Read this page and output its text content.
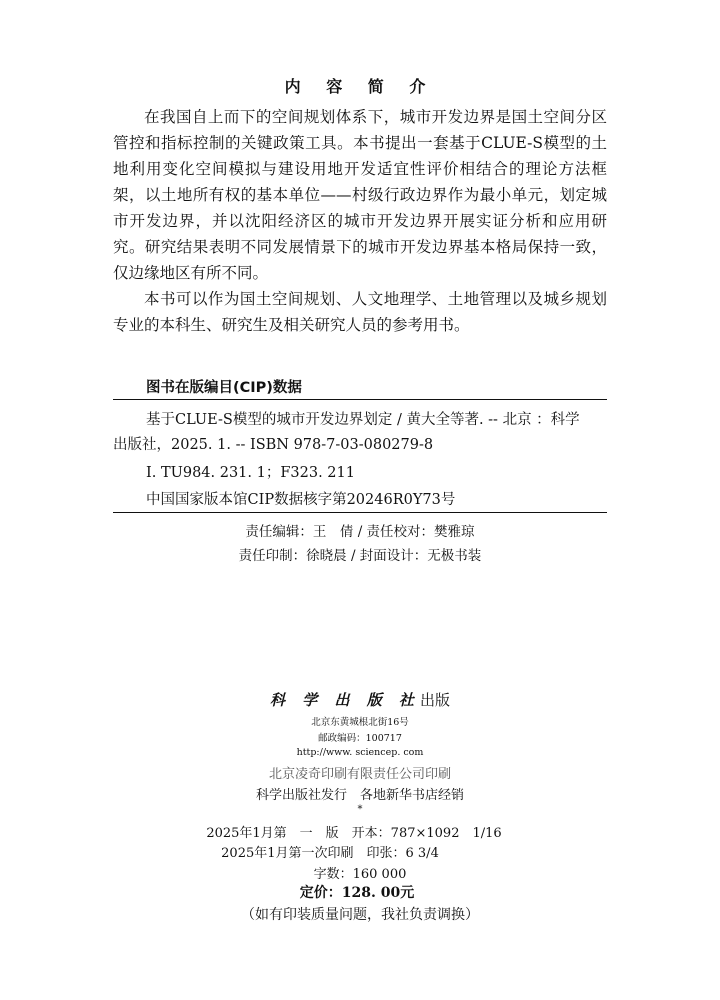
内 容 简 介

在我国自上而下的空间规划体系下，城市开发边界是国土空间分区管控和指标控制的关键政策工具。本书提出一套基于CLUE-S模型的土地利用变化空间模拟与建设用地开发适宜性评价相结合的理论方法框架，以土地所有权的基本单位——村级行政边界作为最小单元，划定城市开发边界，并以沈阳经济区的城市开发边界开展实证分析和应用研究。研究结果表明不同发展情景下的城市开发边界基本格局保持一致，仅边缘地区有所不同。

本书可以作为国土空间规划、人文地理学、土地管理以及城乡规划专业的本科生、研究生及相关研究人员的参考用书。

图书在版编目(CIP)数据
基于CLUE-S模型的城市开发边界划定 / 黄大全等著. -- 北京 ：科学
出版社，2025. 1. -- ISBN 978-7-03-080279-8
Ⅰ. TU984. 231. 1；F323. 211
中国国家版本馆CIP数据核字第20246R0Y73号
责任编辑：王　倩 / 责任校对：樊雅琼
责任印制：徐晓晨 / 封面设计：无极书装
科 学 出 版 社出版
北京东黄城根北街16号
邮政编码：100717
http://www. sciencep. com
北京凌奇印刷有限责任公司印刷
科学出版社发行　各地新华书店经销
*
2025年1月第　一　版　开本：787×1092　1/16
2025年1月第一次印刷　印张：6 3/4
字数：160 000
定价：128. 00元
（如有印装质量问题，我社负责调换）
